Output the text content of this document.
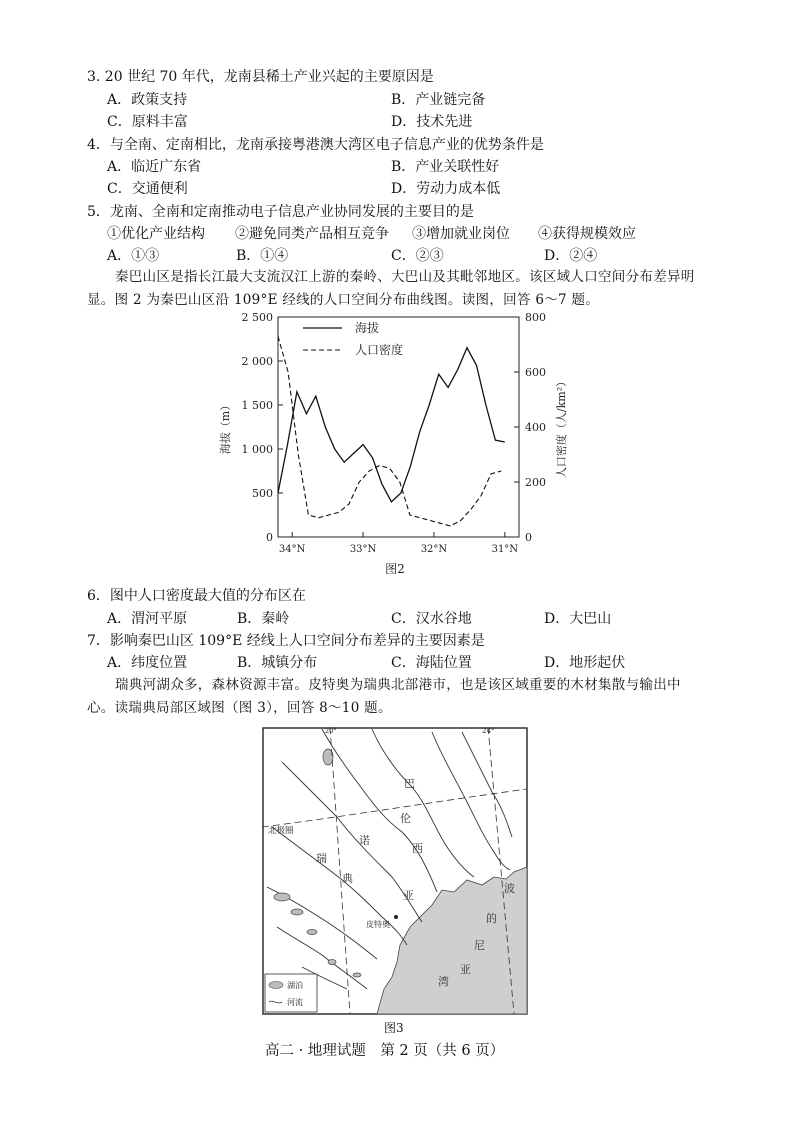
3. 20 世纪 70 年代，龙南县稀土产业兴起的主要原因是
A．政策支持	B．产业链完备
C．原料丰富	D．技术先进
4．与全南、定南相比，龙南承接粤港澳大湾区电子信息产业的优势条件是
A．临近广东省	B．产业关联性好
C．交通便利	D．劳动力成本低
5．龙南、全南和定南推动电子信息产业协同发展的主要目的是
①优化产业结构 ②避免同类产品相互竞争 ③增加就业岗位 ④获得规模效应
A．①③	B．①④	C．②③	D．②④
秦巴山区是指长江最大支流汉江上游的秦岭、大巴山及其毗邻地区。该区域人口空间分布差异明显。图 2 为秦巴山区沿 109°E 经线的人口空间分布曲线图。读图，回答 6～7 题。
0
500
1 000
1 500
2 000
2 500
0
200
400
600
800
34°N	33°N	32°N	31°N
海拔（m）	人口密度（人/km²）
图2
海拔
人口密度
6．图中人口密度最大值的分布区在
A．渭河平原	B．秦岭	C．汉水谷地	D．大巴山
7．影响秦巴山区 109°E 经线上人口空间分布差异的主要因素是
A．纬度位置	B．城镇分布	C．海陆位置	D．地形起伏
瑞典河湖众多，森林资源丰富。皮特奥为瑞典北部港市，也是该区域重要的木材集散与输出中心。读瑞典局部区域图（图 3），回答 8～10 题。
20°	24°
北极圈
皮特奥
巴
伦
西
亚
诺
瑞
典
波
的
尼
亚
湾
湖泊
河流
图3
高二 · 地理试题　第 2 页（共 6 页）
